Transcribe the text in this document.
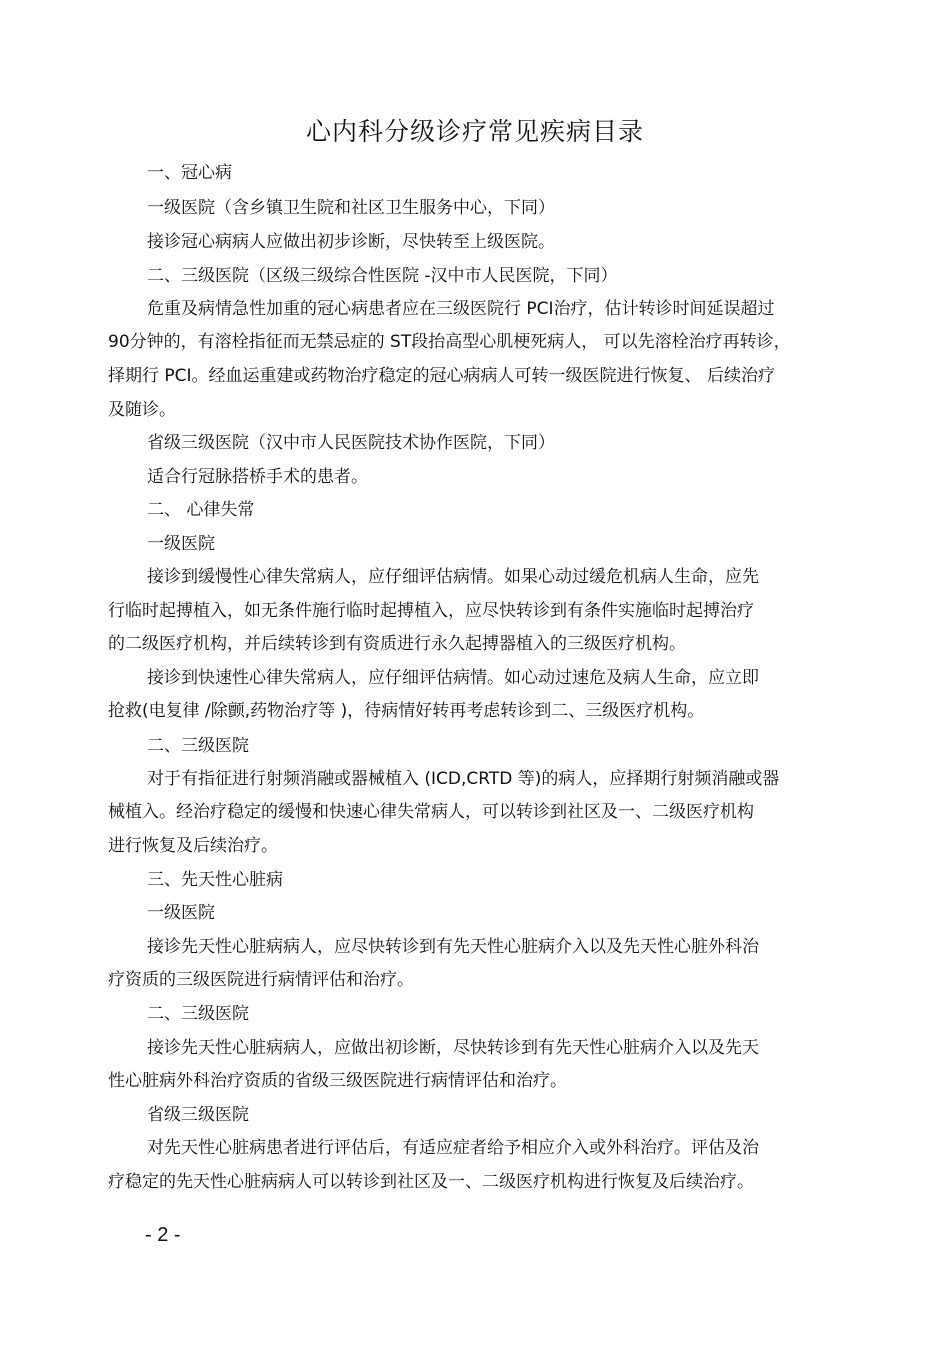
心内科分级诊疗常见疾病目录
一、冠心病
一级医院（含乡镇卫生院和社区卫生服务中心，下同）
接诊冠心病病人应做出初步诊断，尽快转至上级医院。
二、三级医院（区级三级综合性医院 -汉中市人民医院，下同）
危重及病情急性加重的冠心病患者应在三级医院行 PCI治疗，估计转诊时间延误超过
90分钟的，有溶栓指征而无禁忌症的 ST段抬高型心肌梗死病人， 可以先溶栓治疗再转诊，
择期行 PCI。经血运重建或药物治疗稳定的冠心病病人可转一级医院进行恢复、 后续治疗
及随诊。
省级三级医院（汉中市人民医院技术协作医院，下同）
适合行冠脉搭桥手术的患者。
二、 心律失常
一级医院
接诊到缓慢性心律失常病人，应仔细评估病情。如果心动过缓危机病人生命，应先
行临时起搏植入，如无条件施行临时起搏植入，应尽快转诊到有条件实施临时起搏治疗
的二级医疗机构，并后续转诊到有资质进行永久起搏器植入的三级医疗机构。
接诊到快速性心律失常病人，应仔细评估病情。如心动过速危及病人生命，应立即
抢救(电复律 /除颤,药物治疗等 )，待病情好转再考虑转诊到二、三级医疗机构。
二、三级医院
对于有指征进行射频消融或器械植入 (ICD,CRTD 等)的病人，应择期行射频消融或器
械植入。经治疗稳定的缓慢和快速心律失常病人，可以转诊到社区及一、二级医疗机构
进行恢复及后续治疗。
三、先天性心脏病
一级医院
接诊先天性心脏病病人，应尽快转诊到有先天性心脏病介入以及先天性心脏外科治
疗资质的三级医院进行病情评估和治疗。
二、三级医院
接诊先天性心脏病病人，应做出初诊断，尽快转诊到有先天性心脏病介入以及先天
性心脏病外科治疗资质的省级三级医院进行病情评估和治疗。
省级三级医院
对先天性心脏病患者进行评估后，有适应症者给予相应介入或外科治疗。评估及治
疗稳定的先天性心脏病病人可以转诊到社区及一、二级医疗机构进行恢复及后续治疗。
- 2 -
